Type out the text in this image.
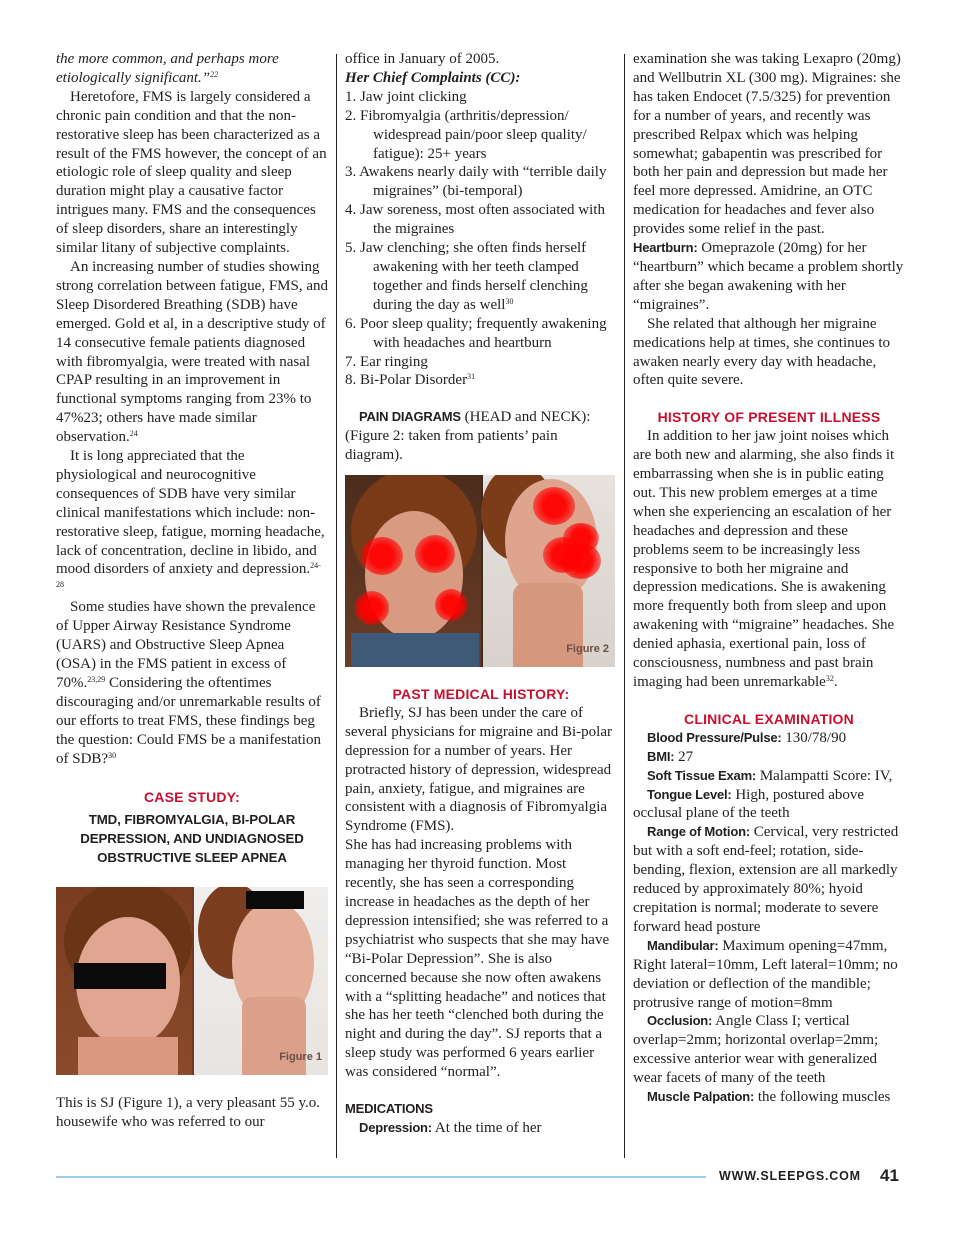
the more common, and perhaps more etiologically significant.”$^{22}$

Heretofore, FMS is largely considered a chronic pain condition and that the non-restorative sleep has been characterized as a result of the FMS however, the concept of an etiologic role of sleep quality and sleep duration might play a causative factor intrigues many. FMS and the consequences of sleep disorders, share an interestingly similar litany of subjective complaints.

An increasing number of studies showing strong correlation between fatigue, FMS, and Sleep Disordered Breathing (SDB) have emerged. Gold et al, in a descriptive study of 14 consecutive female patients diagnosed with fibromyalgia, were treated with nasal CPAP resulting in an improvement in functional symptoms ranging from 23% to 47%23; others have made similar observation.$^{24}$

It is long appreciated that the physiological and neurocognitive consequences of SDB have very similar clinical manifestations which include: non-restorative sleep, fatigue, morning headache, lack of concentration, decline in libido, and mood disorders of anxiety and depression.$^{24-28}$

Some studies have shown the prevalence of Upper Airway Resistance Syndrome (UARS) and Obstructive Sleep Apnea (OSA) in the FMS patient in excess of 70%.$^{23,29}$ Considering the oftentimes discouraging and/or unremarkable results of our efforts to treat FMS, these findings beg the question: Could FMS be a manifestation of SDB?$^{30}$

CASE STUDY:

TMD, FIBROMYALGIA, BI-POLAR DEPRESSION, AND UNDIAGNOSED OBSTRUCTIVE SLEEP APNEA

Figure 1

This is SJ (Figure 1), a very pleasant 55 y.o. housewife who was referred to our

office in January of 2005.

Her Chief Complaints (CC):

1. Jaw joint clicking
2. Fibromyalgia (arthritis/depression/ widespread pain/poor sleep quality/ fatigue): 25+ years
3. Awakens nearly daily with “terrible daily migraines” (bi-temporal)
4. Jaw soreness, most often associated with the migraines
5. Jaw clenching; she often finds herself awakening with her teeth clamped together and finds herself clenching during the day as well$^{30}$
6. Poor sleep quality; frequently awakening with headaches and heartburn
7. Ear ringing
8. Bi-Polar Disorder$^{31}$

PAIN DIAGRAMS (HEAD and NECK): (Figure 2: taken from patients’ pain diagram).

Figure 2

PAST MEDICAL HISTORY:

Briefly, SJ has been under the care of several physicians for migraine and Bi-polar depression for a number of years. Her protracted history of depression, widespread pain, anxiety, fatigue, and migraines are consistent with a diagnosis of Fibromyalgia Syndrome (FMS).

She has had increasing problems with managing her thyroid function. Most recently, she has seen a corresponding increase in headaches as the depth of her depression intensified; she was referred to a psychiatrist who suspects that she may have “Bi-Polar Depression”. She is also concerned because she now often awakens with a “splitting headache” and notices that she has her teeth “clenched both during the night and during the day”. SJ reports that a sleep study was performed 6 years earlier was considered “normal”.

MEDICATIONS

Depression: At the time of her

examination she was taking Lexapro (20mg) and Wellbutrin XL (300 mg). Migraines: she has taken Endocet (7.5/325) for prevention for a number of years, and recently was prescribed Relpax which was helping somewhat; gabapentin was prescribed for both her pain and depression but made her feel more depressed. Amidrine, an OTC medication for headaches and fever also provides some relief in the past.

Heartburn: Omeprazole (20mg) for her “heartburn” which became a problem shortly after she began awakening with her “migraines”.

She related that although her migraine medications help at times, she continues to awaken nearly every day with headache, often quite severe.

HISTORY OF PRESENT ILLNESS

In addition to her jaw joint noises which are both new and alarming, she also finds it embarrassing when she is in public eating out. This new problem emerges at a time when she experiencing an escalation of her headaches and depression and these problems seem to be increasingly less responsive to both her migraine and depression medications. She is awakening more frequently both from sleep and upon awakening with “migraine” headaches. She denied aphasia, exertional pain, loss of consciousness, numbness and past brain imaging had been unremarkable$^{32}$.

CLINICAL EXAMINATION

Blood Pressure/Pulse: 130/78/90

BMI: 27

Soft Tissue Exam: Malampatti Score: IV,

Tongue Level: High, postured above occlusal plane of the teeth

Range of Motion: Cervical, very restricted but with a soft end-feel; rotation, side-bending, flexion, extension are all markedly reduced by approximately 80%; hyoid crepitation is normal; moderate to severe forward head posture

Mandibular: Maximum opening=47mm, Right lateral=10mm, Left lateral=10mm; no deviation or deflection of the mandible; protrusive range of motion=8mm

Occlusion: Angle Class I; vertical overlap=2mm; horizontal overlap=2mm; excessive anterior wear with generalized wear facets of many of the teeth

Muscle Palpation: the following muscles

WWW.SLEEPGS.COM 41
